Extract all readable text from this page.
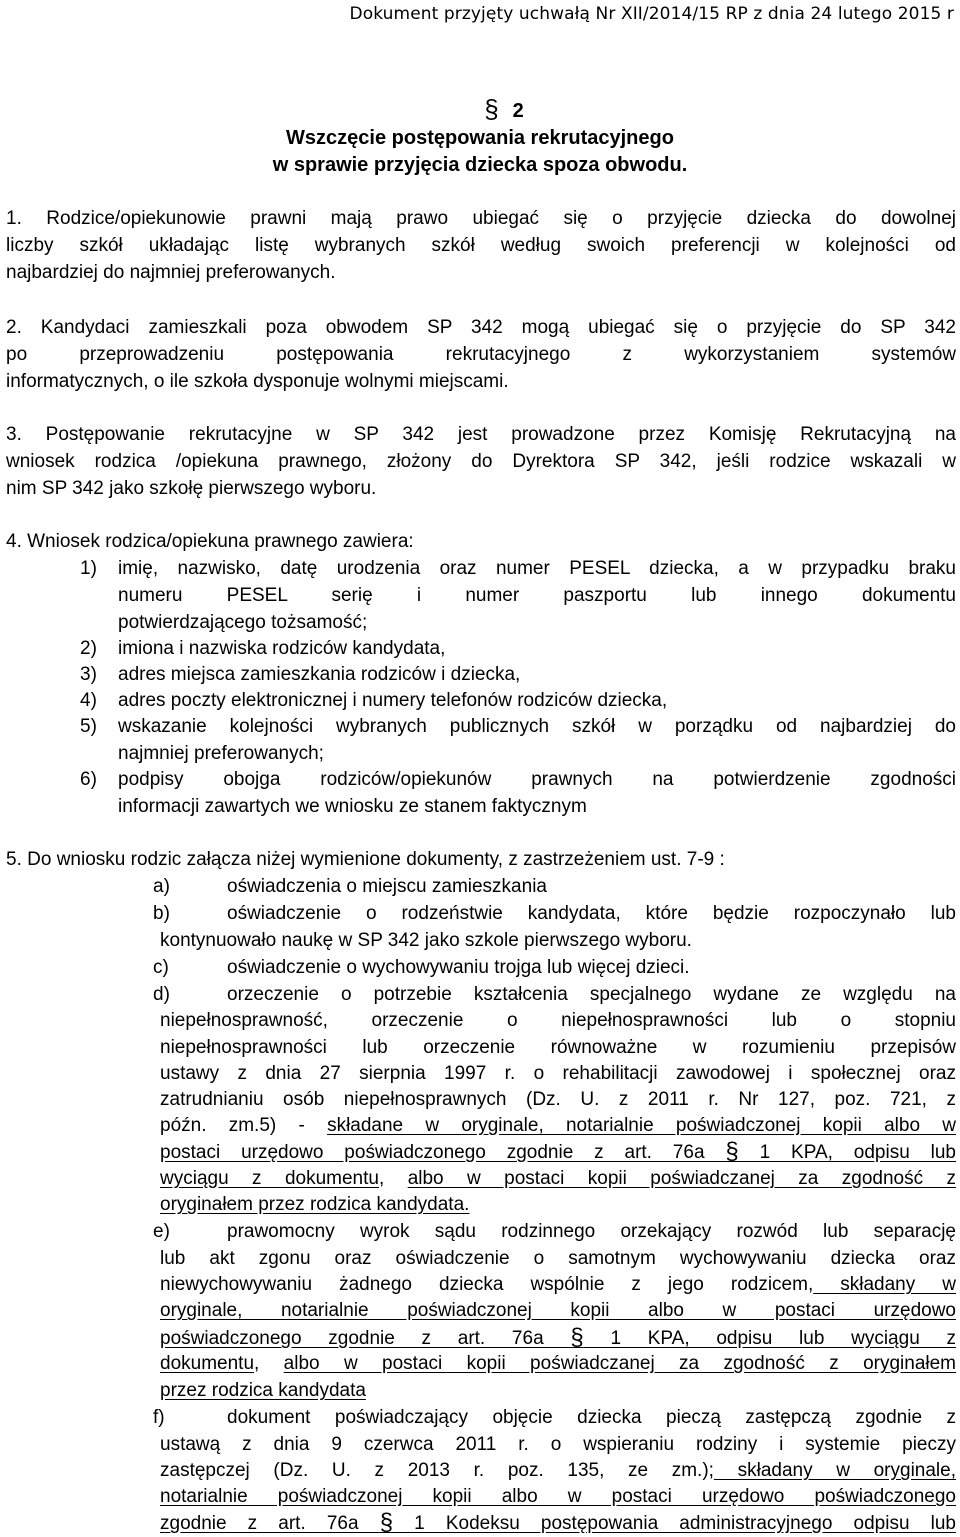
Dokument przyjęty uchwałą Nr XII/2014/15 RP z dnia 24 lutego 2015 r
§ 2
Wszczęcie postępowania rekrutacyjnego
w sprawie przyjęcia dziecka spoza obwodu.
1. Rodzice/opiekunowie prawni mają prawo ubiegać się o przyjęcie dziecka do dowolnej
liczby szkół układając listę wybranych szkół według swoich preferencji w kolejności od
najbardziej do najmniej preferowanych.
2. Kandydaci zamieszkali poza obwodem SP 342 mogą ubiegać się o przyjęcie do SP 342
po przeprowadzeniu postępowania rekrutacyjnego z wykorzystaniem systemów
informatycznych, o ile szkoła dysponuje wolnymi miejscami.
3. Postępowanie rekrutacyjne w SP 342 jest prowadzone przez Komisję Rekrutacyjną na
wniosek rodzica /opiekuna prawnego, złożony do Dyrektora SP 342, jeśli rodzice wskazali w
nim SP 342 jako szkołę pierwszego wyboru.
4. Wniosek rodzica/opiekuna prawnego zawiera:
1) imię, nazwisko, datę urodzenia oraz numer PESEL dziecka, a w przypadku braku
numeru PESEL serię i numer paszportu lub innego dokumentu
potwierdzającego tożsamość;
2) imiona i nazwiska rodziców kandydata,
3) adres miejsca zamieszkania rodziców i dziecka,
4) adres poczty elektronicznej i numery telefonów rodziców dziecka,
5) wskazanie kolejności wybranych publicznych szkół w porządku od najbardziej do
najmniej preferowanych;
6) podpisy obojga rodziców/opiekunów prawnych na potwierdzenie zgodności
informacji zawartych we wniosku ze stanem faktycznym
5. Do wniosku rodzic załącza niżej wymienione dokumenty, z zastrzeżeniem ust. 7-9 :
a)	oświadczenia o miejscu zamieszkania
b)	oświadczenie o rodzeństwie kandydata, które będzie rozpoczynało lub
kontynuowało naukę w SP 342 jako szkole pierwszego wyboru.
c)	oświadczenie o wychowywaniu trojga lub więcej dzieci.
d)	orzeczenie o potrzebie kształcenia specjalnego wydane ze względu na
niepełnosprawność, orzeczenie o niepełnosprawności lub o stopniu
niepełnosprawności lub orzeczenie równoważne w rozumieniu przepisów
ustawy z dnia 27 sierpnia 1997 r. o rehabilitacji zawodowej i społecznej oraz
zatrudnianiu osób niepełnosprawnych (Dz. U. z 2011 r. Nr 127, poz. 721, z
późn. zm.5) - składane w oryginale, notarialnie poświadczonej kopii albo w
postaci urzędowo poświadczonego zgodnie z art. 76a § 1 KPA, odpisu lub
wyciągu z dokumentu, albo w postaci kopii poświadczanej za zgodność z
oryginałem przez rodzica kandydata.
e)	prawomocny wyrok sądu rodzinnego orzekający rozwód lub separację
lub akt zgonu oraz oświadczenie o samotnym wychowywaniu dziecka oraz
niewychowywaniu żadnego dziecka wspólnie z jego rodzicem, składany w
oryginale, notarialnie poświadczonej kopii albo w postaci urzędowo
poświadczonego zgodnie z art. 76a § 1 KPA, odpisu lub wyciągu z
dokumentu, albo w postaci kopii poświadczanej za zgodność z oryginałem
przez rodzica kandydata
f)	dokument poświadczający objęcie dziecka pieczą zastępczą zgodnie z
ustawą z dnia 9 czerwca 2011 r. o wspieraniu rodziny i systemie pieczy
zastępczej (Dz. U. z 2013 r. poz. 135, ze zm.); składany w oryginale,
notarialnie poświadczonej kopii albo w postaci urzędowo poświadczonego
zgodnie z art. 76a § 1 Kodeksu postępowania administracyjnego odpisu lub
